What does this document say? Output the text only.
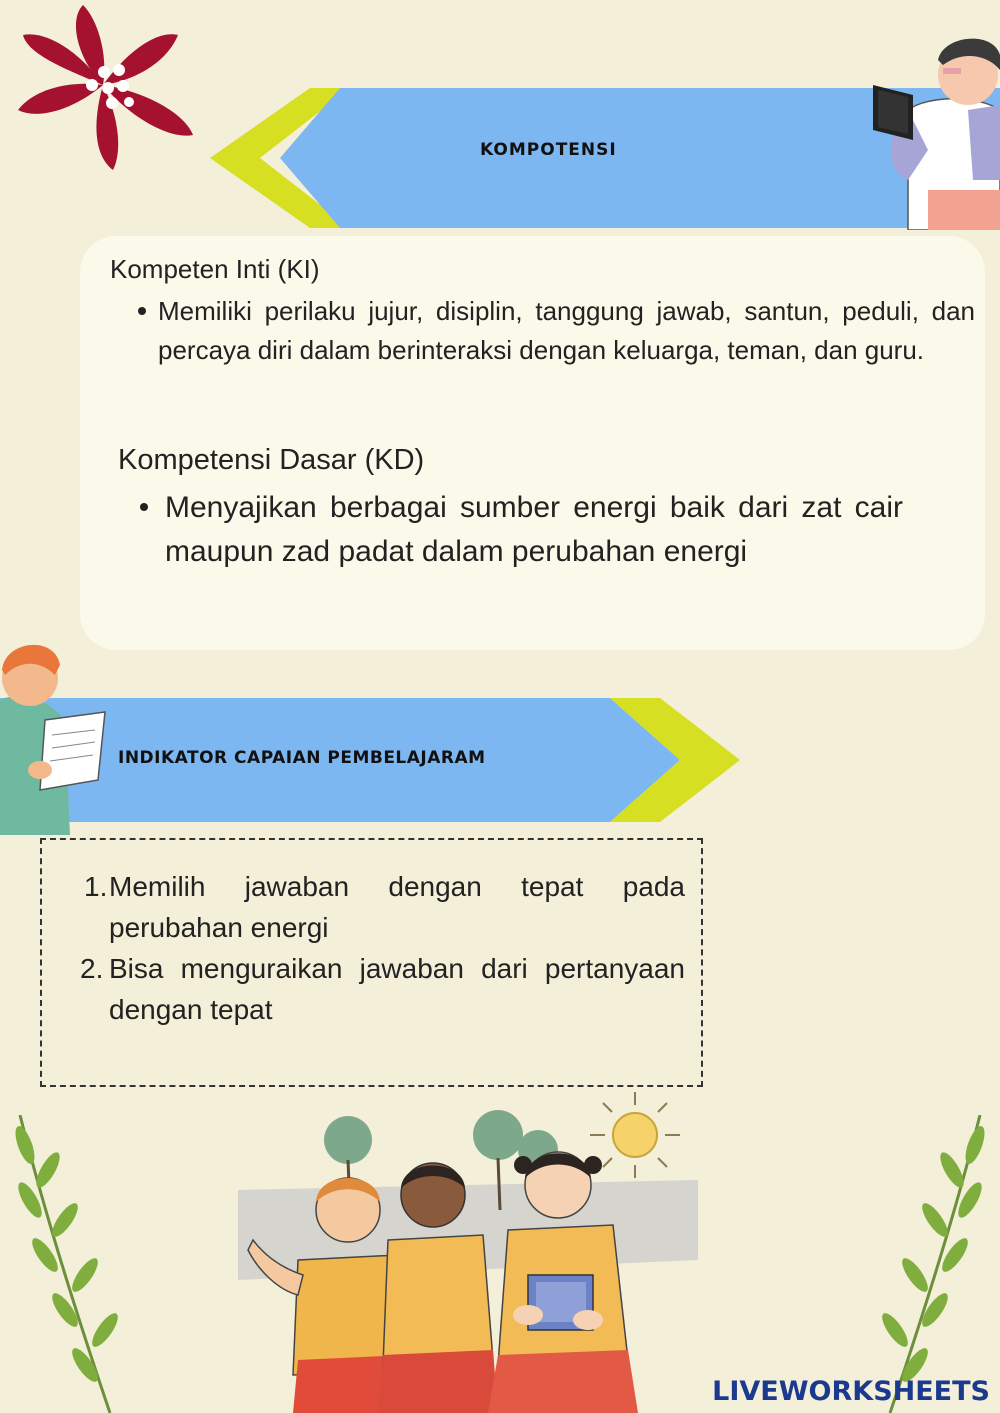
KOMPOTENSI
Kompeten Inti (KI)
Memiliki perilaku jujur, disiplin, tanggung jawab, santun, peduli, dan percaya diri dalam berinteraksi dengan keluarga, teman, dan guru.
Kompetensi Dasar (KD)
Menyajikan berbagai sumber energi baik dari zat cair maupun zad padat dalam perubahan energi
INDIKATOR CAPAIAN PEMBELAJARAM
1. Memilih jawaban dengan tepat pada perubahan energi
2. Bisa menguraikan jawaban dari pertanyaan dengan tepat
LIVEWORKSHEETS
